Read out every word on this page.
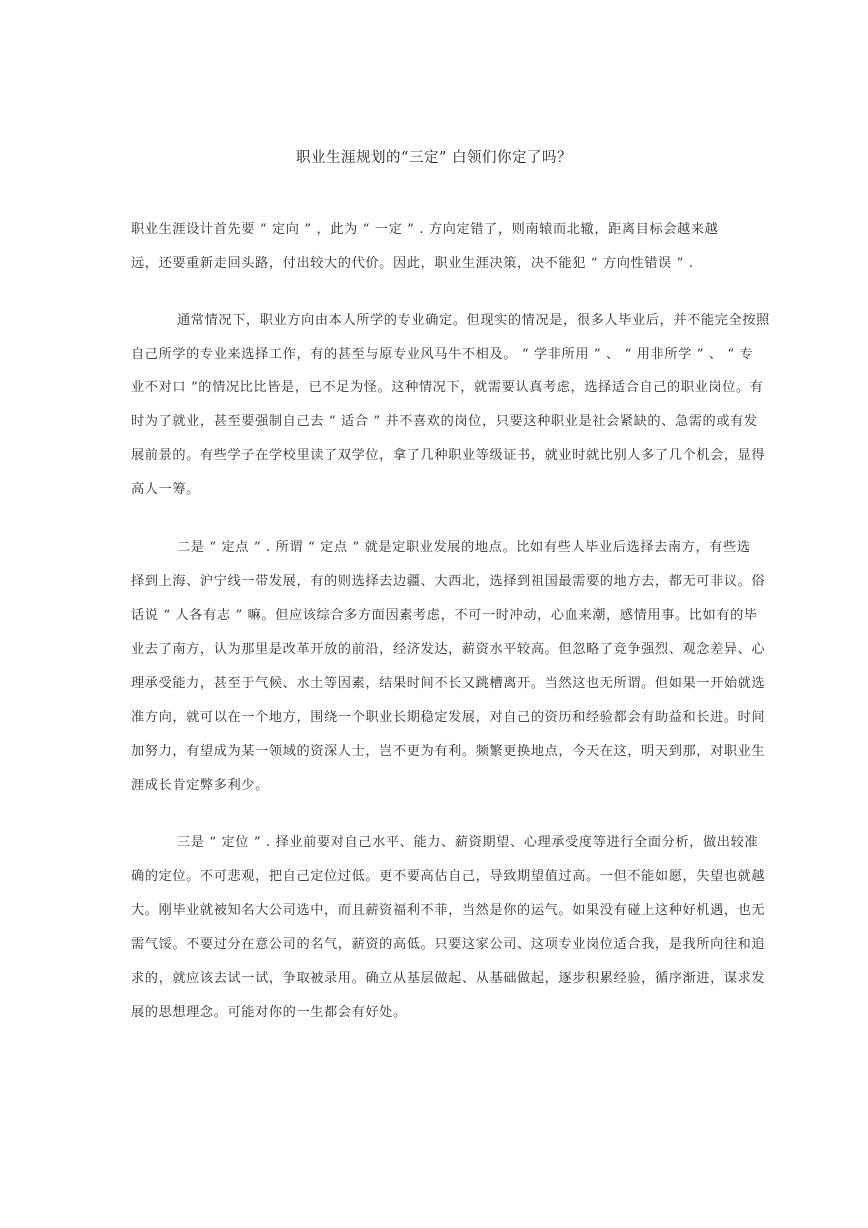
职业生涯规划的“三定” 白领们你定了吗？
职业生涯设计首先要 “ 定向 ” ，此为 “ 一定 ” . 方向定错了，则南辕而北辙，距离目标会越来越
远，还要重新走回头路，付出较大的代价。因此，职业生涯决策，决不能犯 “ 方向性错误 ” .
通常情况下，职业方向由本人所学的专业确定。但现实的情况是，很多人毕业后，并不能完全按照
自己所学的专业来选择工作，有的甚至与原专业风马牛不相及。 “ 学非所用 ” 、 “ 用非所学 ” 、 “ 专
业不对口 ”的情况比比皆是，已不足为怪。这种情况下，就需要认真考虑，选择适合自己的职业岗位。有
时为了就业，甚至要强制自己去 “ 适合 ” 并不喜欢的岗位，只要这种职业是社会紧缺的、急需的或有发
展前景的。有些学子在学校里读了双学位，拿了几种职业等级证书，就业时就比别人多了几个机会，显得
高人一筹。
二是 “ 定点 ” . 所谓 “ 定点 ” 就是定职业发展的地点。比如有些人毕业后选择去南方，有些选
择到上海、沪宁线一带发展，有的则选择去边疆、大西北，选择到祖国最需要的地方去，都无可非议。俗
话说 “ 人各有志 ” 嘛。但应该综合多方面因素考虑，不可一时冲动，心血来潮，感情用事。比如有的毕
业去了南方，认为那里是改革开放的前沿，经济发达，薪资水平较高。但忽略了竞争强烈、观念差异、心
理承受能力，甚至于气候、水土等因素，结果时间不长又跳槽离开。当然这也无所谓。但如果一开始就选
准方向，就可以在一个地方，围绕一个职业长期稳定发展，对自己的资历和经验都会有助益和长进。时间
加努力，有望成为某一领域的资深人士，岂不更为有利。频繁更换地点，今天在这，明天到那，对职业生
涯成长肯定弊多利少。
三是 “ 定位 ” . 择业前要对自己水平、能力、薪资期望、心理承受度等进行全面分析，做出较准
确的定位。不可悲观，把自己定位过低。更不要高估自己，导致期望值过高。一但不能如愿，失望也就越
大。刚毕业就被知名大公司选中，而且薪资福利不菲，当然是你的运气。如果没有碰上这种好机遇，也无
需气馁。不要过分在意公司的名气，薪资的高低。只要这家公司、这项专业岗位适合我，是我所向往和追
求的，就应该去试一试，争取被录用。确立从基层做起、从基础做起，逐步积累经验，循序渐进，谋求发
展的思想理念。可能对你的一生都会有好处。
